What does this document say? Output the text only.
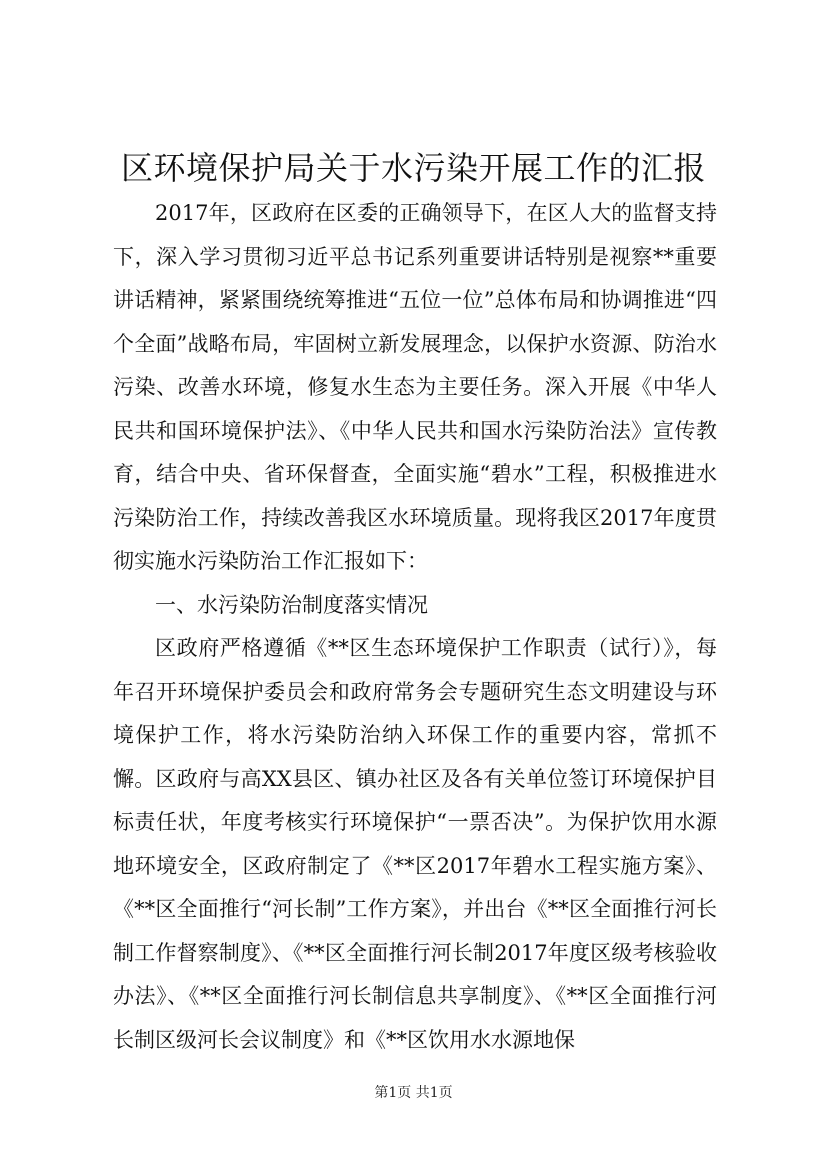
区环境保护局关于水污染开展工作的汇报

2017年，区政府在区委的正确领导下，在区人大的监督支持下，深入学习贯彻习近平总书记系列重要讲话特别是视察**重要讲话精神，紧紧围绕统筹推进“五位一位”总体布局和协调推进“四个全面”战略布局，牢固树立新发展理念，以保护水资源、防治水污染、改善水环境，修复水生态为主要任务。深入开展《中华人民共和国环境保护法》、《中华人民共和国水污染防治法》宣传教育，结合中央、省环保督查，全面实施“碧水”工程，积极推进水污染防治工作，持续改善我区水环境质量。现将我区2017年度贯彻实施水污染防治工作汇报如下：

一、水污染防治制度落实情况

区政府严格遵循《**区生态环境保护工作职责（试行）》，每年召开环境保护委员会和政府常务会专题研究生态文明建设与环境保护工作，将水污染防治纳入环保工作的重要内容，常抓不懈。区政府与高XX县区、镇办社区及各有关单位签订环境保护目标责任状，年度考核实行环境保护“一票否决”。为保护饮用水源地环境安全，区政府制定了《**区2017年碧水工程实施方案》、《**区全面推行“河长制”工作方案》，并出台《**区全面推行河长制工作督察制度》、《**区全面推行河长制2017年度区级考核验收办法》、《**区全面推行河长制信息共享制度》、《**区全面推行河长制区级河长会议制度》和《**区饮用水水源地保

第1页 共1页
